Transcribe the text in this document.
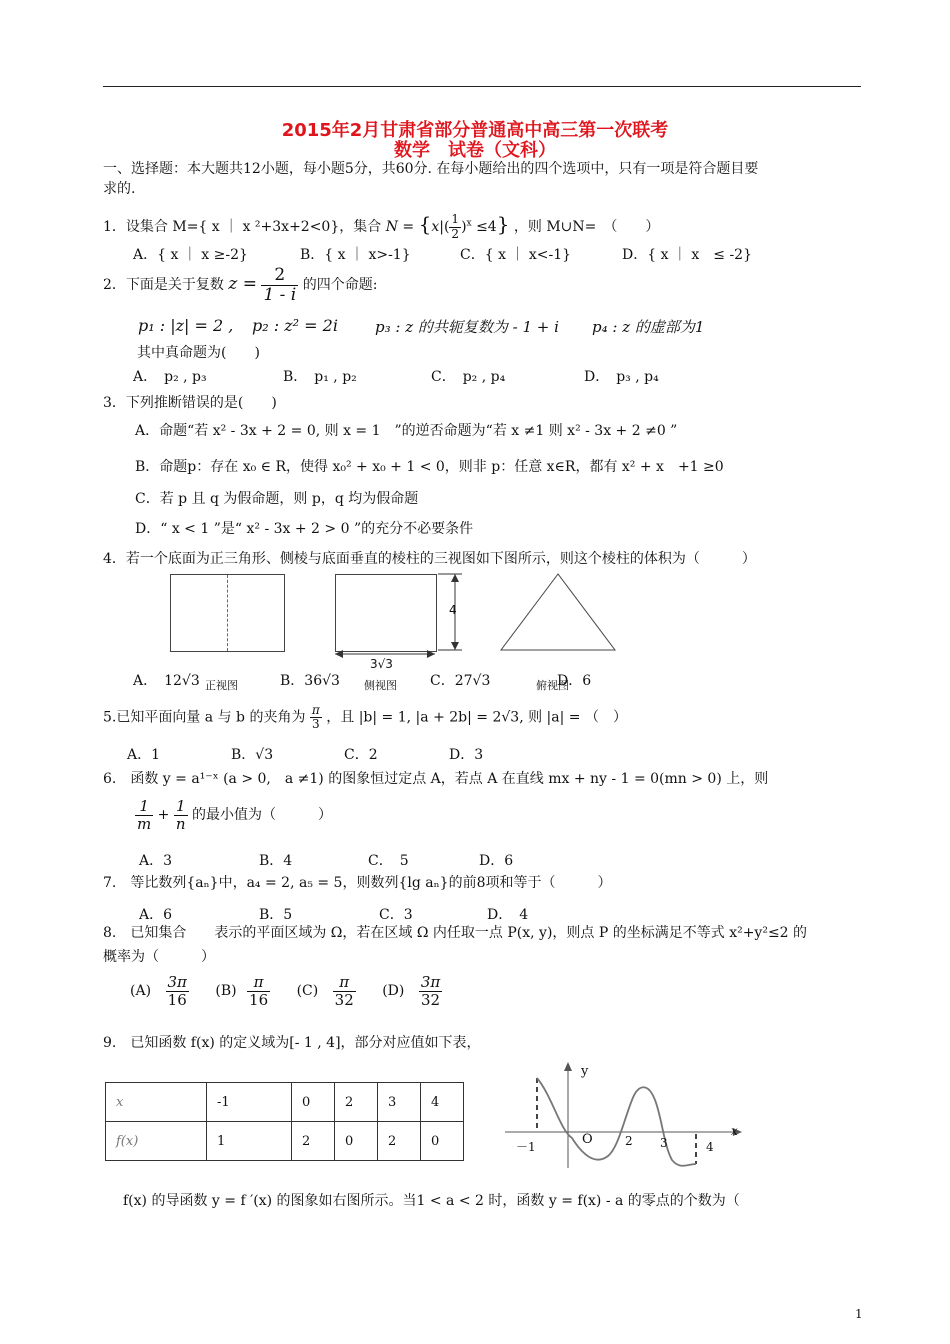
2015年2月甘肃省部分普通高中高三第一次联考
数学　试卷（文科）
一、选择题：本大题共12小题，每小题5分，共60分. 在每小题给出的四个选项中，只有一项是符合题目要
求的.
1．设集合 M={ x ｜ x ²+3x+2<0}，集合 $N = \{x|( \frac{1}{2} )^x \le 4\}$ ，则 M∪N=　（　　）
A．{ x ｜ x ≥-2}	B．{ x ｜ x>-1}	C．{ x ｜ x<-1}	D．{ x ｜ x　≤ -2}
2．下面是关于复数 $z = \frac{2}{1 - i}$ 的四个命题:
p₁ : |z| = 2 , p₂ : z² = 2i p₃ : z 的共轭复数为 - 1 + i p₄ : z 的虚部为1
其中真命题为(　　)
A．　p₂ , p₃	B．　p₁ , p₂	C．　p₂ , p₄	D．　p₃ , p₄
3．下列推断错误的是(　　)
A．命题“若 x² - 3x + 2 = 0, 则 x = 1　”的逆否命题为“若 x ≠1 则 x² - 3x + 2 ≠0 ”
B．命题p：存在 x₀ ∈ R，使得 x₀² + x₀ + 1 < 0，则非 p：任意 x∈R，都有 x² + x　+1 ≥0
C．若 p 且 q 为假命题，则 p，q 均为假命题
D．“ x < 1 ”是“ x² - 3x + 2 > 0 ”的充分不必要条件
4．若一个底面为正三角形、侧棱与底面垂直的棱柱的三视图如下图所示，则这个棱柱的体积为（　　　）
4
3√3
A．　12√3 正视图	B．36√3 侧视图 C．27√3	俯视图
D．6
5.已知平面向量 a 与 b 的夹角为 $\frac{\pi}{3}$ ，且 |b| = 1, |a + 2b| = 2√3, 则 |a| = （　）
A．1	B．√3	C．2	D．3
6.　函数 y = a¹⁻ˣ (a > 0,　a ≠1) 的图象恒过定点 A，若点 A 在直线 mx + ny - 1 = 0(mn > 0) 上，则
$\frac{1}{m} + \frac{1}{n}$ 的最小值为（　　　）
A．3	B．4	C．　5	D．6
7.　等比数列{aₙ}中，a₄ = 2, a₅ = 5，则数列{lg aₙ}的前8项和等于（　　　）
A．6	B．5	C．3	D．　4
8.　已知集合　　表示的平面区域为 Ω，若在区域 Ω 内任取一点 P(x, y)，则点 P 的坐标满足不等式 x²+y²≤2 的
概率为（　　　）
$(A) \frac{3\pi}{16} (B) \frac{\pi}{16} (C) \frac{\pi}{32} (D) \frac{3\pi}{32}$
9.　已知函数 f(x) 的定义域为[- 1 , 4]，部分对应值如下表，
x	-1	0	2	3	4
f(x)	1	2	0	2	0
y
x
O
－1	2 3	4
f(x) 的导函数 y = f ′(x) 的图象如右图所示。当1 < a < 2 时，函数 y = f(x) - a 的零点的个数为（
1
